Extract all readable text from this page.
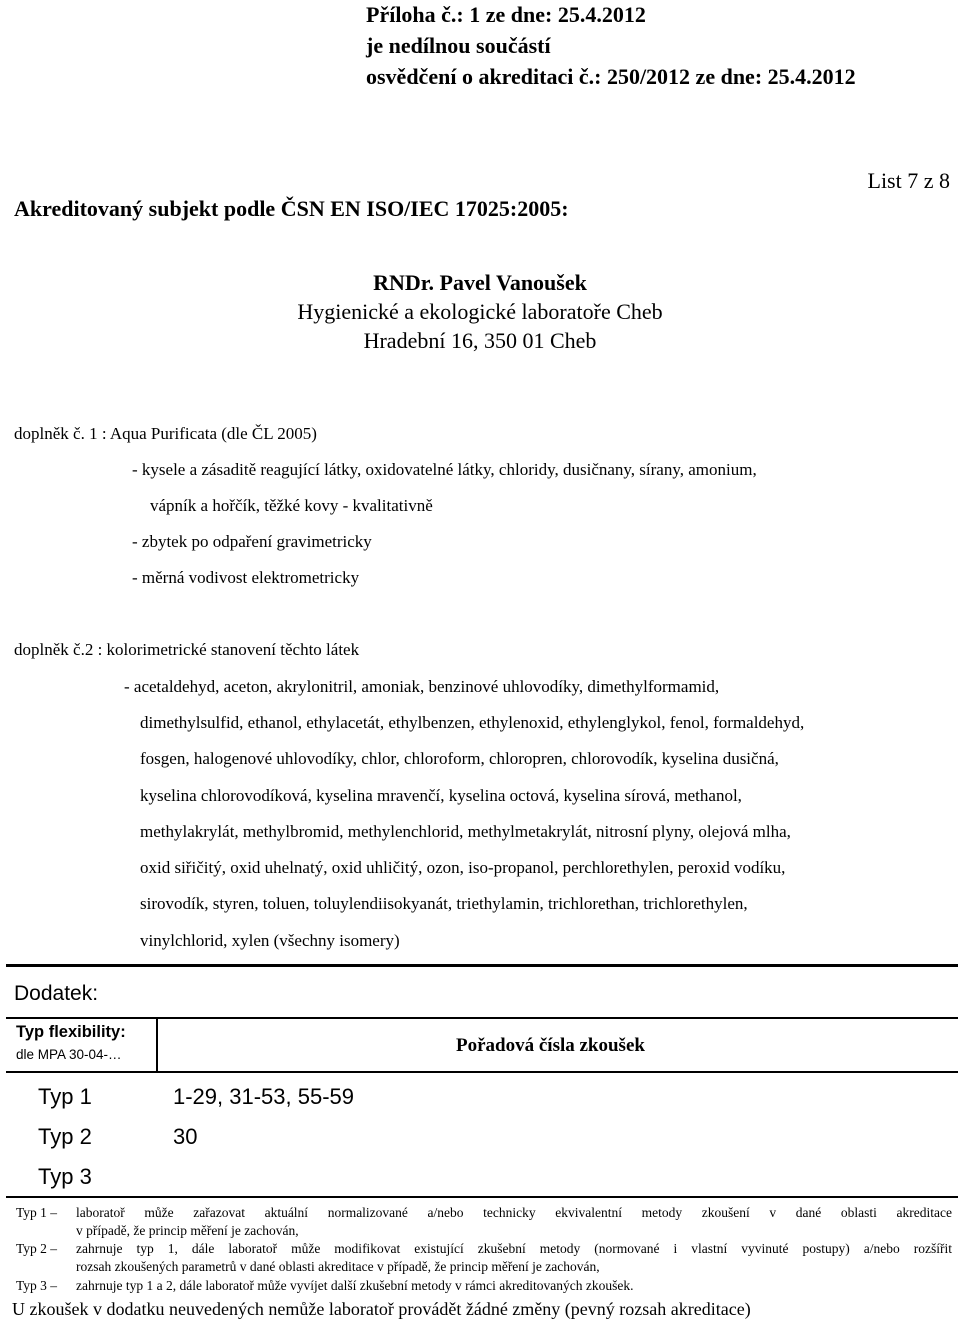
Příloha č.: 1 ze dne: 25.4.2012
je nedílnou součástí
osvědčení o akreditaci č.: 250/2012 ze dne: 25.4.2012
List 7 z 8
Akreditovaný subjekt podle ČSN EN ISO/IEC 17025:2005:
RNDr. Pavel Vanoušek
Hygienické a ekologické laboratoře Cheb
Hradební 16, 350 01 Cheb
doplněk č. 1 : Aqua Purificata (dle ČL 2005)
- kysele a zásaditě reagující látky, oxidovatelné látky, chloridy, dusičnany, sírany, amonium,
vápník a hořčík, těžké kovy - kvalitativně
- zbytek po odpaření gravimetricky
- měrná vodivost elektrometricky
doplněk č.2 : kolorimetrické stanovení těchto látek
- acetaldehyd, aceton, akrylonitril, amoniak, benzinové uhlovodíky, dimethylformamid,
dimethylsulfid, ethanol, ethylacetát, ethylbenzen, ethylenoxid, ethylenglykol, fenol, formaldehyd,
fosgen, halogenové uhlovodíky, chlor, chloroform, chloropren, chlorovodík, kyselina dusičná,
kyselina chlorovodíková, kyselina mravenčí, kyselina octová, kyselina sírová, methanol,
methylakrylát, methylbromid, methylenchlorid, methylmetakrylát, nitrosní plyny, olejová mlha,
oxid siřičitý, oxid uhelnatý, oxid uhličitý, ozon, iso-propanol, perchlorethylen, peroxid vodíku,
sirovodík, styren, toluen, toluylendiisokyanát, triethylamin, trichlorethan, trichlorethylen,
vinylchlorid, xylen (všechny isomery)
Dodatek:
Typ flexibility:
dle MPA 30-04-…	Pořadová čísla zkoušek
Typ 1	1-29, 31-53, 55-59
Typ 2	30
Typ 3
Typ 1 – laboratoř může zařazovat aktuální normalizované a/nebo technicky ekvivalentní metody zkoušení v dané oblasti akreditace
v případě, že princip měření je zachován,
Typ 2 – zahrnuje typ 1, dále laboratoř může modifikovat existující zkušební metody (normované i vlastní vyvinuté postupy) a/nebo rozšířit
rozsah zkoušených parametrů v dané oblasti akreditace v případě, že princip měření je zachován,
Typ 3 – zahrnuje typ 1 a 2, dále laboratoř může vyvíjet další zkušební metody v rámci akreditovaných zkoušek.
U zkoušek v dodatku neuvedených nemůže laboratoř provádět žádné změny (pevný rozsah akreditace)
